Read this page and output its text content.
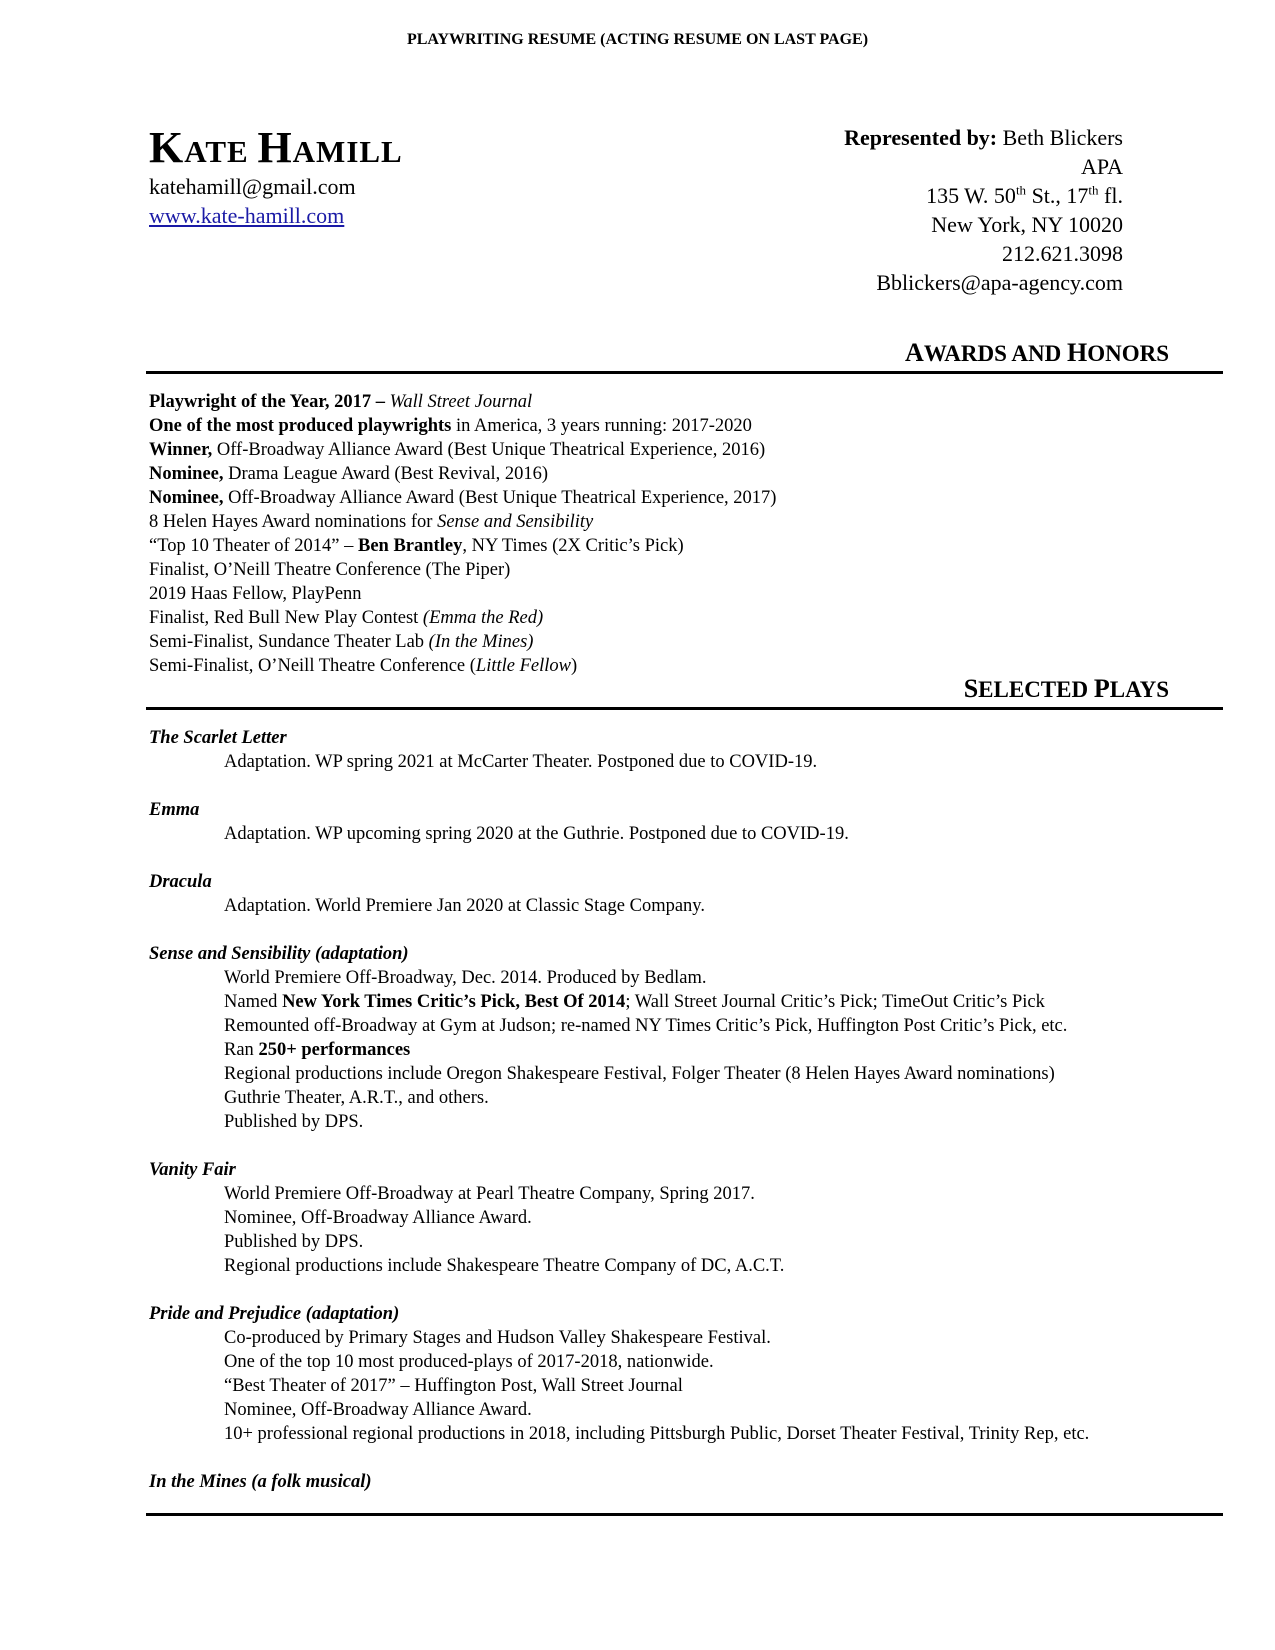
PLAYWRITING RESUME (ACTING RESUME ON LAST PAGE)
KATE HAMILL
katehamill@gmail.com
www.kate-hamill.com
Represented by: Beth Blickers
APA
135 W. 50th St., 17th fl.
New York, NY 10020
212.621.3098
Bblickers@apa-agency.com
AWARDS AND HONORS
Playwright of the Year, 2017 – Wall Street Journal
One of the most produced playwrights in America, 3 years running: 2017-2020
Winner, Off-Broadway Alliance Award (Best Unique Theatrical Experience, 2016)
Nominee, Drama League Award (Best Revival, 2016)
Nominee, Off-Broadway Alliance Award (Best Unique Theatrical Experience, 2017)
8 Helen Hayes Award nominations for Sense and Sensibility
“Top 10 Theater of 2014” – Ben Brantley, NY Times (2X Critic’s Pick)
Finalist, O’Neill Theatre Conference (The Piper)
2019 Haas Fellow, PlayPenn
Finalist, Red Bull New Play Contest (Emma the Red)
Semi-Finalist, Sundance Theater Lab (In the Mines)
Semi-Finalist, O’Neill Theatre Conference (Little Fellow)
SELECTED PLAYS
The Scarlet Letter
Adaptation. WP spring 2021 at McCarter Theater. Postponed due to COVID-19.
Emma
Adaptation. WP upcoming spring 2020 at the Guthrie. Postponed due to COVID-19.
Dracula
Adaptation. World Premiere Jan 2020 at Classic Stage Company.
Sense and Sensibility (adaptation)
World Premiere Off-Broadway, Dec. 2014. Produced by Bedlam.
Named New York Times Critic’s Pick, Best Of 2014; Wall Street Journal Critic’s Pick; TimeOut Critic’s Pick
Remounted off-Broadway at Gym at Judson; re-named NY Times Critic’s Pick, Huffington Post Critic’s Pick, etc.
Ran 250+ performances
Regional productions include Oregon Shakespeare Festival, Folger Theater (8 Helen Hayes Award nominations)
Guthrie Theater, A.R.T., and others.
Published by DPS.
Vanity Fair
World Premiere Off-Broadway at Pearl Theatre Company, Spring 2017.
Nominee, Off-Broadway Alliance Award.
Published by DPS.
Regional productions include Shakespeare Theatre Company of DC, A.C.T.
Pride and Prejudice (adaptation)
Co-produced by Primary Stages and Hudson Valley Shakespeare Festival.
One of the top 10 most produced-plays of 2017-2018, nationwide.
“Best Theater of 2017” – Huffington Post, Wall Street Journal
Nominee, Off-Broadway Alliance Award.
10+ professional regional productions in 2018, including Pittsburgh Public, Dorset Theater Festival, Trinity Rep, etc.
In the Mines (a folk musical)
